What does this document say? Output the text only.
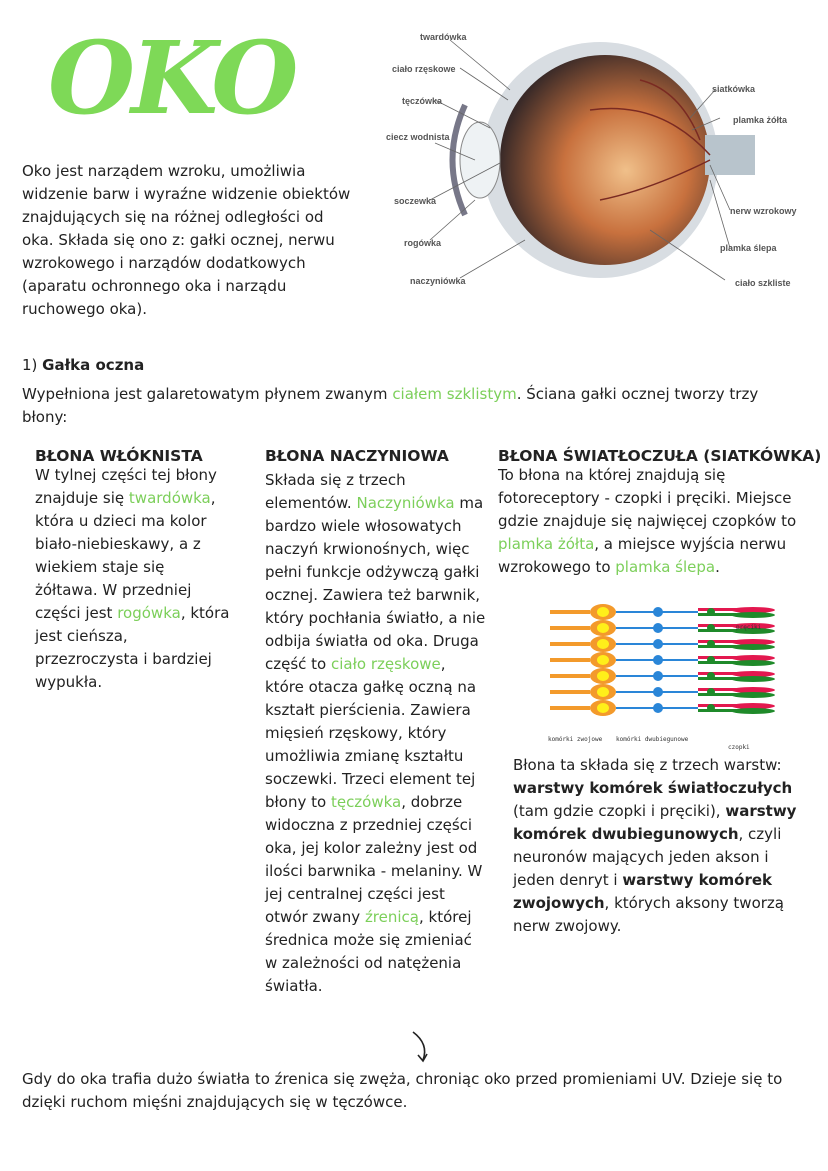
OKO

Oko jest narządem wzroku, umożliwia widzenie barw i wyraźne widzenie obiektów znajdujących się na różnej odległości od oka. Składa się ono z: gałki ocznej, nerwu wzrokowego i narządów dodatkowych (aparatu ochronnego oka i narządu ruchowego oka).

twardówka
ciało rzęskowe
tęczówka
ciecz wodnista
soczewka
rogówka
naczyniówka
siatkówka
plamka żółta
nerw wzrokowy
plamka ślepa
ciało szkliste
1) Gałka oczna

Wypełniona jest galaretowatym płynem zwanym ciałem szklistym. Ściana gałki ocznej tworzy trzy błony:

BŁONA WŁÓKNISTA

W tylnej części tej błony znajduje się twardówka, która u dzieci ma kolor biało-niebieskawy, a z wiekiem staje się żółtawa. W przedniej części jest rogówka, która jest cieńsza, przezroczysta i bardziej wypukła.

BŁONA NACZYNIOWA

Składa się z trzech elementów. Naczyniówka ma bardzo wiele włosowatych naczyń krwionośnych, więc pełni funkcje odżywczą gałki ocznej. Zawiera też barwnik, który pochłania światło, a nie odbija światła od oka. Druga część to ciało rzęskowe, które otacza gałkę oczną na kształt pierścienia. Zawiera mięsień rzęskowy, który umożliwia zmianę kształtu soczewki. Trzeci element tej błony to tęczówka, dobrze widoczna z przedniej części oka, jej kolor zależny jest od ilości barwnika - melaniny. W jej centralnej części jest otwór zwany źrenicą, której średnica może się zmieniać w zależności od natężenia światła.

BŁONA ŚWIATŁOCZUŁA (SIATKÓWKA)

To błona na której znajdują się fotoreceptory - czopki i pręciki. Miejsce gdzie znajduje się najwięcej czopków to plamka żółta, a miejsce wyjścia nerwu wzrokowego to plamka ślepa.

pręciki
komórki zwojowe komórki dwubiegunowe
czopki

Błona ta składa się z trzech warstw: warstwy komórek światłoczułych (tam gdzie czopki i pręciki), warstwy komórek dwubiegunowych, czyli neuronów mających jeden akson i jeden denryt i warstwy komórek zwojowych, których aksony tworzą nerw zwojowy.

Gdy do oka trafia dużo światła to źrenica się zwęża, chroniąc oko przed promieniami UV. Dzieje się to dzięki ruchom mięśni znajdujących się w tęczówce.
